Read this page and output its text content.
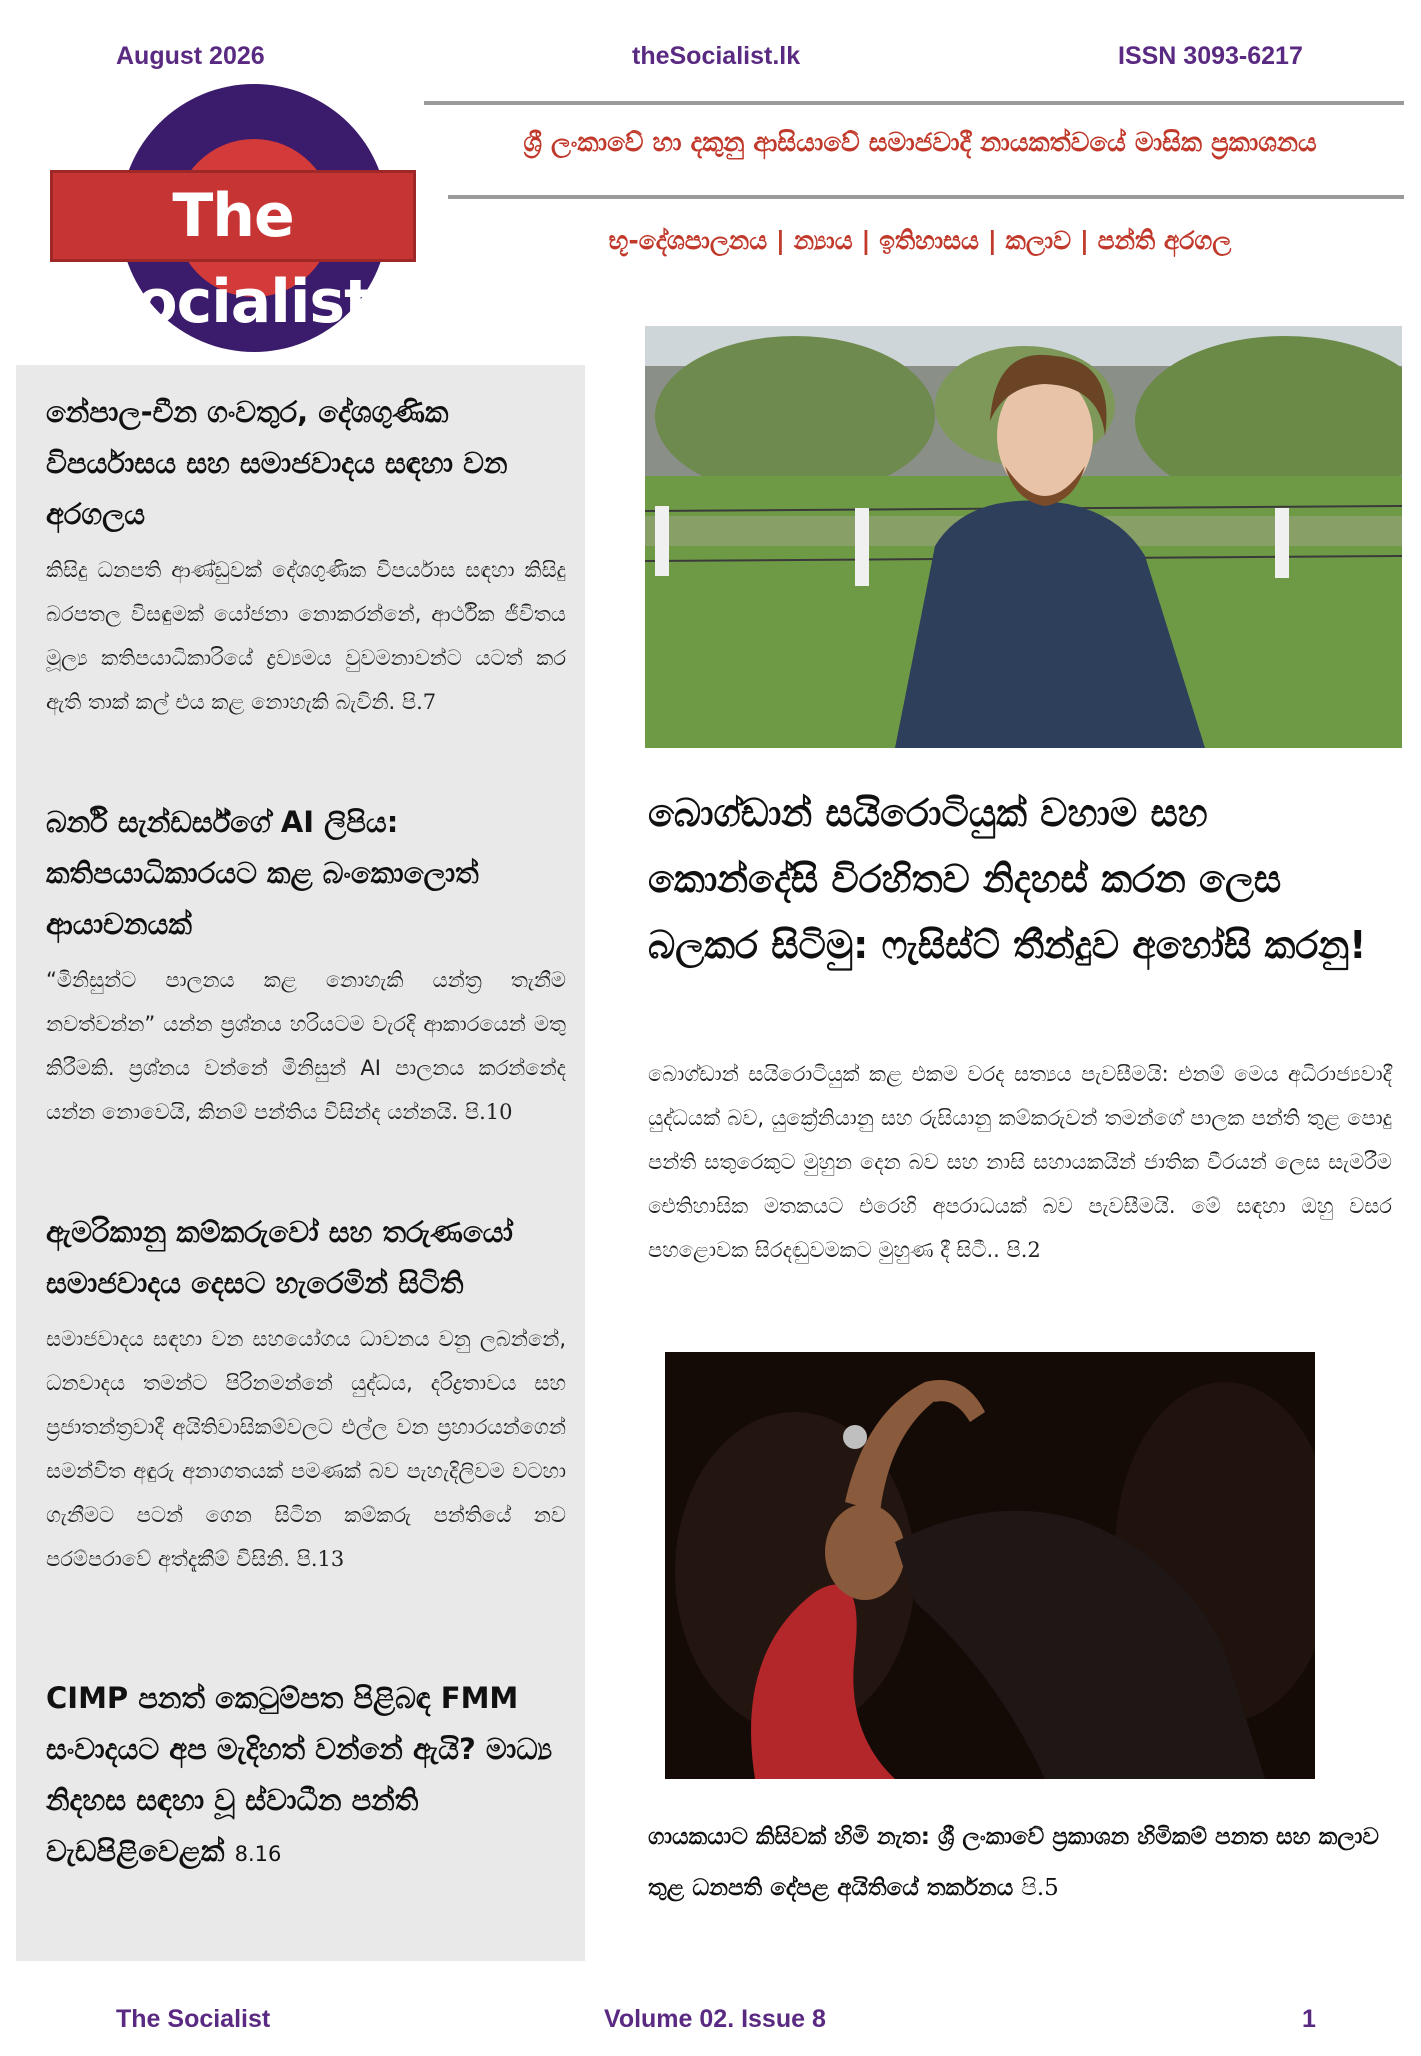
August 2026	theSocialist.lk	ISSN 3093-6217
The Socialist
ශ්‍රී ලංකාවේ හා දකුනු ආසියාවේ සමාජවාදී නායකත්වයේ මාසික ප්‍රකාශනය
භූ-දේශපාලනය | න්‍යාය | ඉතිහාසය | කලාව | පන්ති අරගල
නේපාල-චීන ගංවතුර, දේශගුණික විපර්යාසය සහ සමාජවාදය සඳහා වන අරගලය
කිසිදු ධනපති ආණ්ඩුවක් දේශගුණික විපර්යාස සඳහා කිසිදු බරපතල විසඳුමක් යෝජනා නොකරන්නේ, ආර්ථික ජීවිතය මූල්‍ය කතිපයාධිකාරියේ ද්‍රව්‍යමය වුවමනාවන්ට යටත් කර ඇති තාක් කල් එය කළ නොහැකි බැවිනි. පි.7
බර්නි සැන්ඩර්ස්ගේ AI ලිපිය: කතිපයාධිකාරයට කළ බංකොලොත් ආයාචනයක්
“මිනිසුන්ට පාලනය කළ නොහැකි යන්ත්‍ර තැනීම නවත්වන්න” යන්න ප්‍රශ්නය හරියටම වැරදි ආකාරයෙන් මතු කිරීමකි. ප්‍රශ්නය වන්නේ මිනිසුන් AI පාලනය කරන්නේද යන්න නොවෙයි, කිනම් පන්තිය විසින්ද යන්නයි. පි.10
ඇමරිකානු කම්කරුවෝ සහ තරුණයෝ සමාජවාදය දෙසට හැරෙමින් සිටිති
සමාජවාදය සඳහා වන සහයෝගය ධාවනය වනු ලබන්නේ, ධනවාදය තමන්ට පිරිනමන්නේ යුද්ධය, දරිද්‍රතාවය සහ ප්‍රජාතන්ත්‍රවාදී අයිතිවාසිකම්වලට එල්ල වන ප්‍රහාරයන්ගෙන් සමන්විත අඳුරු අනාගතයක් පමණක් බව පැහැදිලිවම වටහා ගැනීමට පටන් ගෙන සිටින කම්කරු පන්තියේ නව පරම්පරාවේ අත්දැකීම් විසිනි. පි.13
CIMP පනත් කෙටුම්පත පිළිබඳ FMM සංවාදයට අප මැදිහත් වන්නේ ඇයි? මාධ්‍ය නිදහස සඳහා වූ ස්වාධීන පන්ති වැඩපිළිවෙළක් 8.16
බොග්ඩාන් සයිරොටියුක් වහාම සහ කොන්දේසි විරහිතව නිදහස් කරන ලෙස බලකර සිටිමු: ෆැසිස්ට් තීන්දුව අහෝසි කරනු!
බොග්ඩාන් සයිරොටියුක් කළ එකම වරද සත්‍යය පැවසීමයි: එනම් මෙය අධිරාජ්‍යවාදී යුද්ධයක් බව, යුක්‍රේනියානු සහ රුසියානු කම්කරුවන් තමන්ගේ පාලක පන්ති තුළ පොදු පන්ති සතුරෙකුට මුහුන දෙන බව සහ නාසි සහායකයින් ජාතික වීරයන් ලෙස සැමරීම ඓතිහාසික මතකයට එරෙහි අපරාධයක් බව පැවසීමයි. මේ සඳහා ඔහු වසර පහළොවක සිරදඬුවමකට මුහුණ දී සිටී.. පි.2
ගායකයාට කිසිවක් හිමි නැත: ශ්‍රී ලංකාවේ ප්‍රකාශන හිමිකම් පනත සහ කලාව තුළ ධනපති දේපළ අයිතියේ තර්කනය පි.5
The Socialist	Volume 02. Issue 8	1
